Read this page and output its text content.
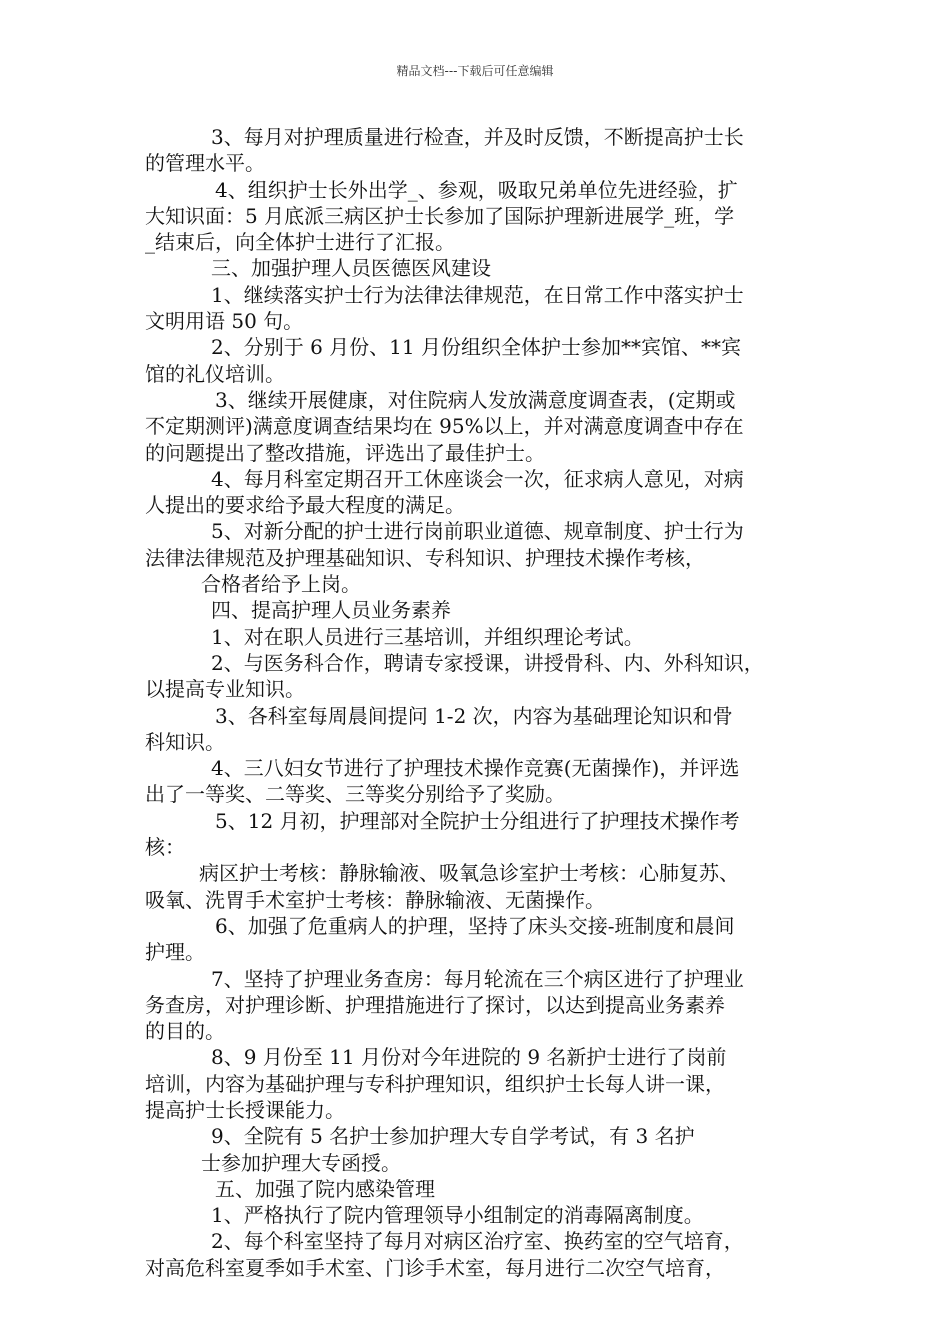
精品文档---下载后可任意编辑
3、每月对护理质量进行检查，并及时反馈，不断提高护士长
的管理水平。
4、组织护士长外出学_、参观，吸取兄弟单位先进经验，扩
大知识面：5 月底派三病区护士长参加了国际护理新进展学_班，学
_结束后，向全体护士进行了汇报。
三、加强护理人员医德医风建设
1、继续落实护士行为法律法律规范，在日常工作中落实护士
文明用语 50 句。
2、分别于 6 月份、11 月份组织全体护士参加**宾馆、**宾
馆的礼仪培训。
3、继续开展健康，对住院病人发放满意度调查表，(定期或
不定期测评)满意度调查结果均在 95%以上，并对满意度调查中存在
的问题提出了整改措施，评选出了最佳护士。
4、每月科室定期召开工休座谈会一次，征求病人意见，对病
人提出的要求给予最大程度的满足。
5、对新分配的护士进行岗前职业道德、规章制度、护士行为
法律法律规范及护理基础知识、专科知识、护理技术操作考核，
合格者给予上岗。
四、提高护理人员业务素养
1、对在职人员进行三基培训，并组织理论考试。
2、与医务科合作，聘请专家授课，讲授骨科、内、外科知识，
以提高专业知识。
3、各科室每周晨间提问 1-2 次，内容为基础理论知识和骨
科知识。
4、三八妇女节进行了护理技术操作竞赛(无菌操作)，并评选
出了一等奖、二等奖、三等奖分别给予了奖励。
5、12 月初，护理部对全院护士分组进行了护理技术操作考
核：
病区护士考核：静脉输液、吸氧急诊室护士考核：心肺复苏、
吸氧、洗胃手术室护士考核：静脉输液、无菌操作。
6、加强了危重病人的护理，坚持了床头交接-班制度和晨间
护理。
7、坚持了护理业务查房：每月轮流在三个病区进行了护理业
务查房，对护理诊断、护理措施进行了探讨，以达到提高业务素养
的目的。
8、9 月份至 11 月份对今年进院的 9 名新护士进行了岗前
培训，内容为基础护理与专科护理知识，组织护士长每人讲一课，
提高护士长授课能力。
9、全院有 5 名护士参加护理大专自学考试，有 3 名护
士参加护理大专函授。
五、加强了院内感染管理
1、严格执行了院内管理领导小组制定的消毒隔离制度。
2、每个科室坚持了每月对病区治疗室、换药室的空气培育，
对高危科室夏季如手术室、门诊手术室，每月进行二次空气培育，
